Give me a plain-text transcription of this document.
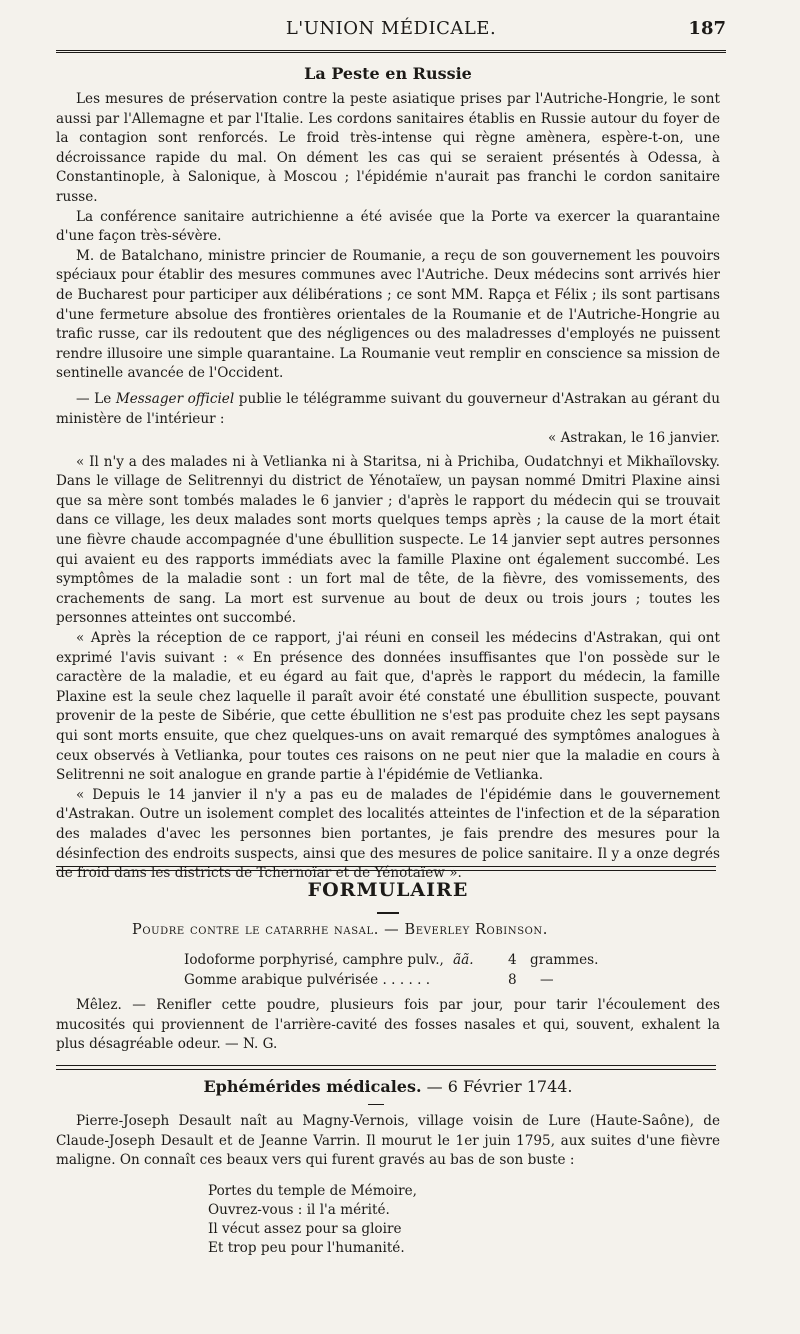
L'UNION MÉDICALE.	187

La Peste en Russie

Les mesures de préservation contre la peste asiatique prises par l'Autriche-Hongrie, le sont aussi par l'Allemagne et par l'Italie. Les cordons sanitaires établis en Russie autour du foyer de la contagion sont renforcés. Le froid très-intense qui règne amènera, espère-t-on, une décroissance rapide du mal. On dément les cas qui se seraient présentés à Odessa, à Constantinople, à Salonique, à Moscou ; l'épidémie n'aurait pas franchi le cordon sanitaire russe.

La conférence sanitaire autrichienne a été avisée que la Porte va exercer la quarantaine d'une façon très-sévère.

M. de Batalchano, ministre princier de Roumanie, a reçu de son gouvernement les pouvoirs spéciaux pour établir des mesures communes avec l'Autriche. Deux médecins sont arrivés hier de Bucharest pour participer aux délibérations ; ce sont MM. Rapça et Félix ; ils sont partisans d'une fermeture absolue des frontières orientales de la Roumanie et de l'Autriche-Hongrie au trafic russe, car ils redoutent que des négligences ou des maladresses d'employés ne puissent rendre illusoire une simple quarantaine. La Roumanie veut remplir en conscience sa mission de sentinelle avancée de l'Occident.

— Le Messager officiel publie le télégramme suivant du gouverneur d'Astrakan au gérant du ministère de l'intérieur :

« Astrakan, le 16 janvier.

« Il n'y a des malades ni à Vetlianka ni à Staritsa, ni à Prichiba, Oudatchnyi et Mikhaïlovsky. Dans le village de Selitrennyi du district de Yénotaïew, un paysan nommé Dmitri Plaxine ainsi que sa mère sont tombés malades le 6 janvier ; d'après le rapport du médecin qui se trouvait dans ce village, les deux malades sont morts quelques temps après ; la cause de la mort était une fièvre chaude accompagnée d'une ébullition suspecte. Le 14 janvier sept autres personnes qui avaient eu des rapports immédiats avec la famille Plaxine ont également succombé. Les symptômes de la maladie sont : un fort mal de tête, de la fièvre, des vomissements, des crachements de sang. La mort est survenue au bout de deux ou trois jours ; toutes les personnes atteintes ont succombé.

« Après la réception de ce rapport, j'ai réuni en conseil les médecins d'Astrakan, qui ont exprimé l'avis suivant : « En présence des données insuffisantes que l'on possède sur le caractère de la maladie, et eu égard au fait que, d'après le rapport du médecin, la famille Plaxine est la seule chez laquelle il paraît avoir été constaté une ébullition suspecte, pouvant provenir de la peste de Sibérie, que cette ébullition ne s'est pas produite chez les sept paysans qui sont morts ensuite, que chez quelques-uns on avait remarqué des symptômes analogues à ceux observés à Vetlianka, pour toutes ces raisons on ne peut nier que la maladie en cours à Selitrenni ne soit analogue en grande partie à l'épidémie de Vetlianka.

« Depuis le 14 janvier il n'y a pas eu de malades de l'épidémie dans le gouvernement d'Astrakan. Outre un isolement complet des localités atteintes de l'infection et de la séparation des malades d'avec les personnes bien portantes, je fais prendre des mesures pour la désinfection des endroits suspects, ainsi que des mesures de police sanitaire. Il y a onze degrés de froid dans les districts de Tchernoïar et de Yénotaïew ».

FORMULAIRE

Poudre contre le catarrhe nasal. — Beverley Robinson.

Iodoforme porphyrisé, camphre pulv., ãã.	4 grammes.
Gomme arabique pulvérisée . . . . . .	8 —

Mêlez. — Renifler cette poudre, plusieurs fois par jour, pour tarir l'écoulement des mucosités qui proviennent de l'arrière-cavité des fosses nasales et qui, souvent, exhalent la plus désagréable odeur. — N. G.

Ephémérides médicales. — 6 Février 1744.

Pierre-Joseph Desault naît au Magny-Vernois, village voisin de Lure (Haute-Saône), de Claude-Joseph Desault et de Jeanne Varrin. Il mourut le 1er juin 1795, aux suites d'une fièvre maligne. On connaît ces beaux vers qui furent gravés au bas de son buste :

Portes du temple de Mémoire,
Ouvrez-vous : il l'a mérité.
Il vécut assez pour sa gloire
Et trop peu pour l'humanité.
